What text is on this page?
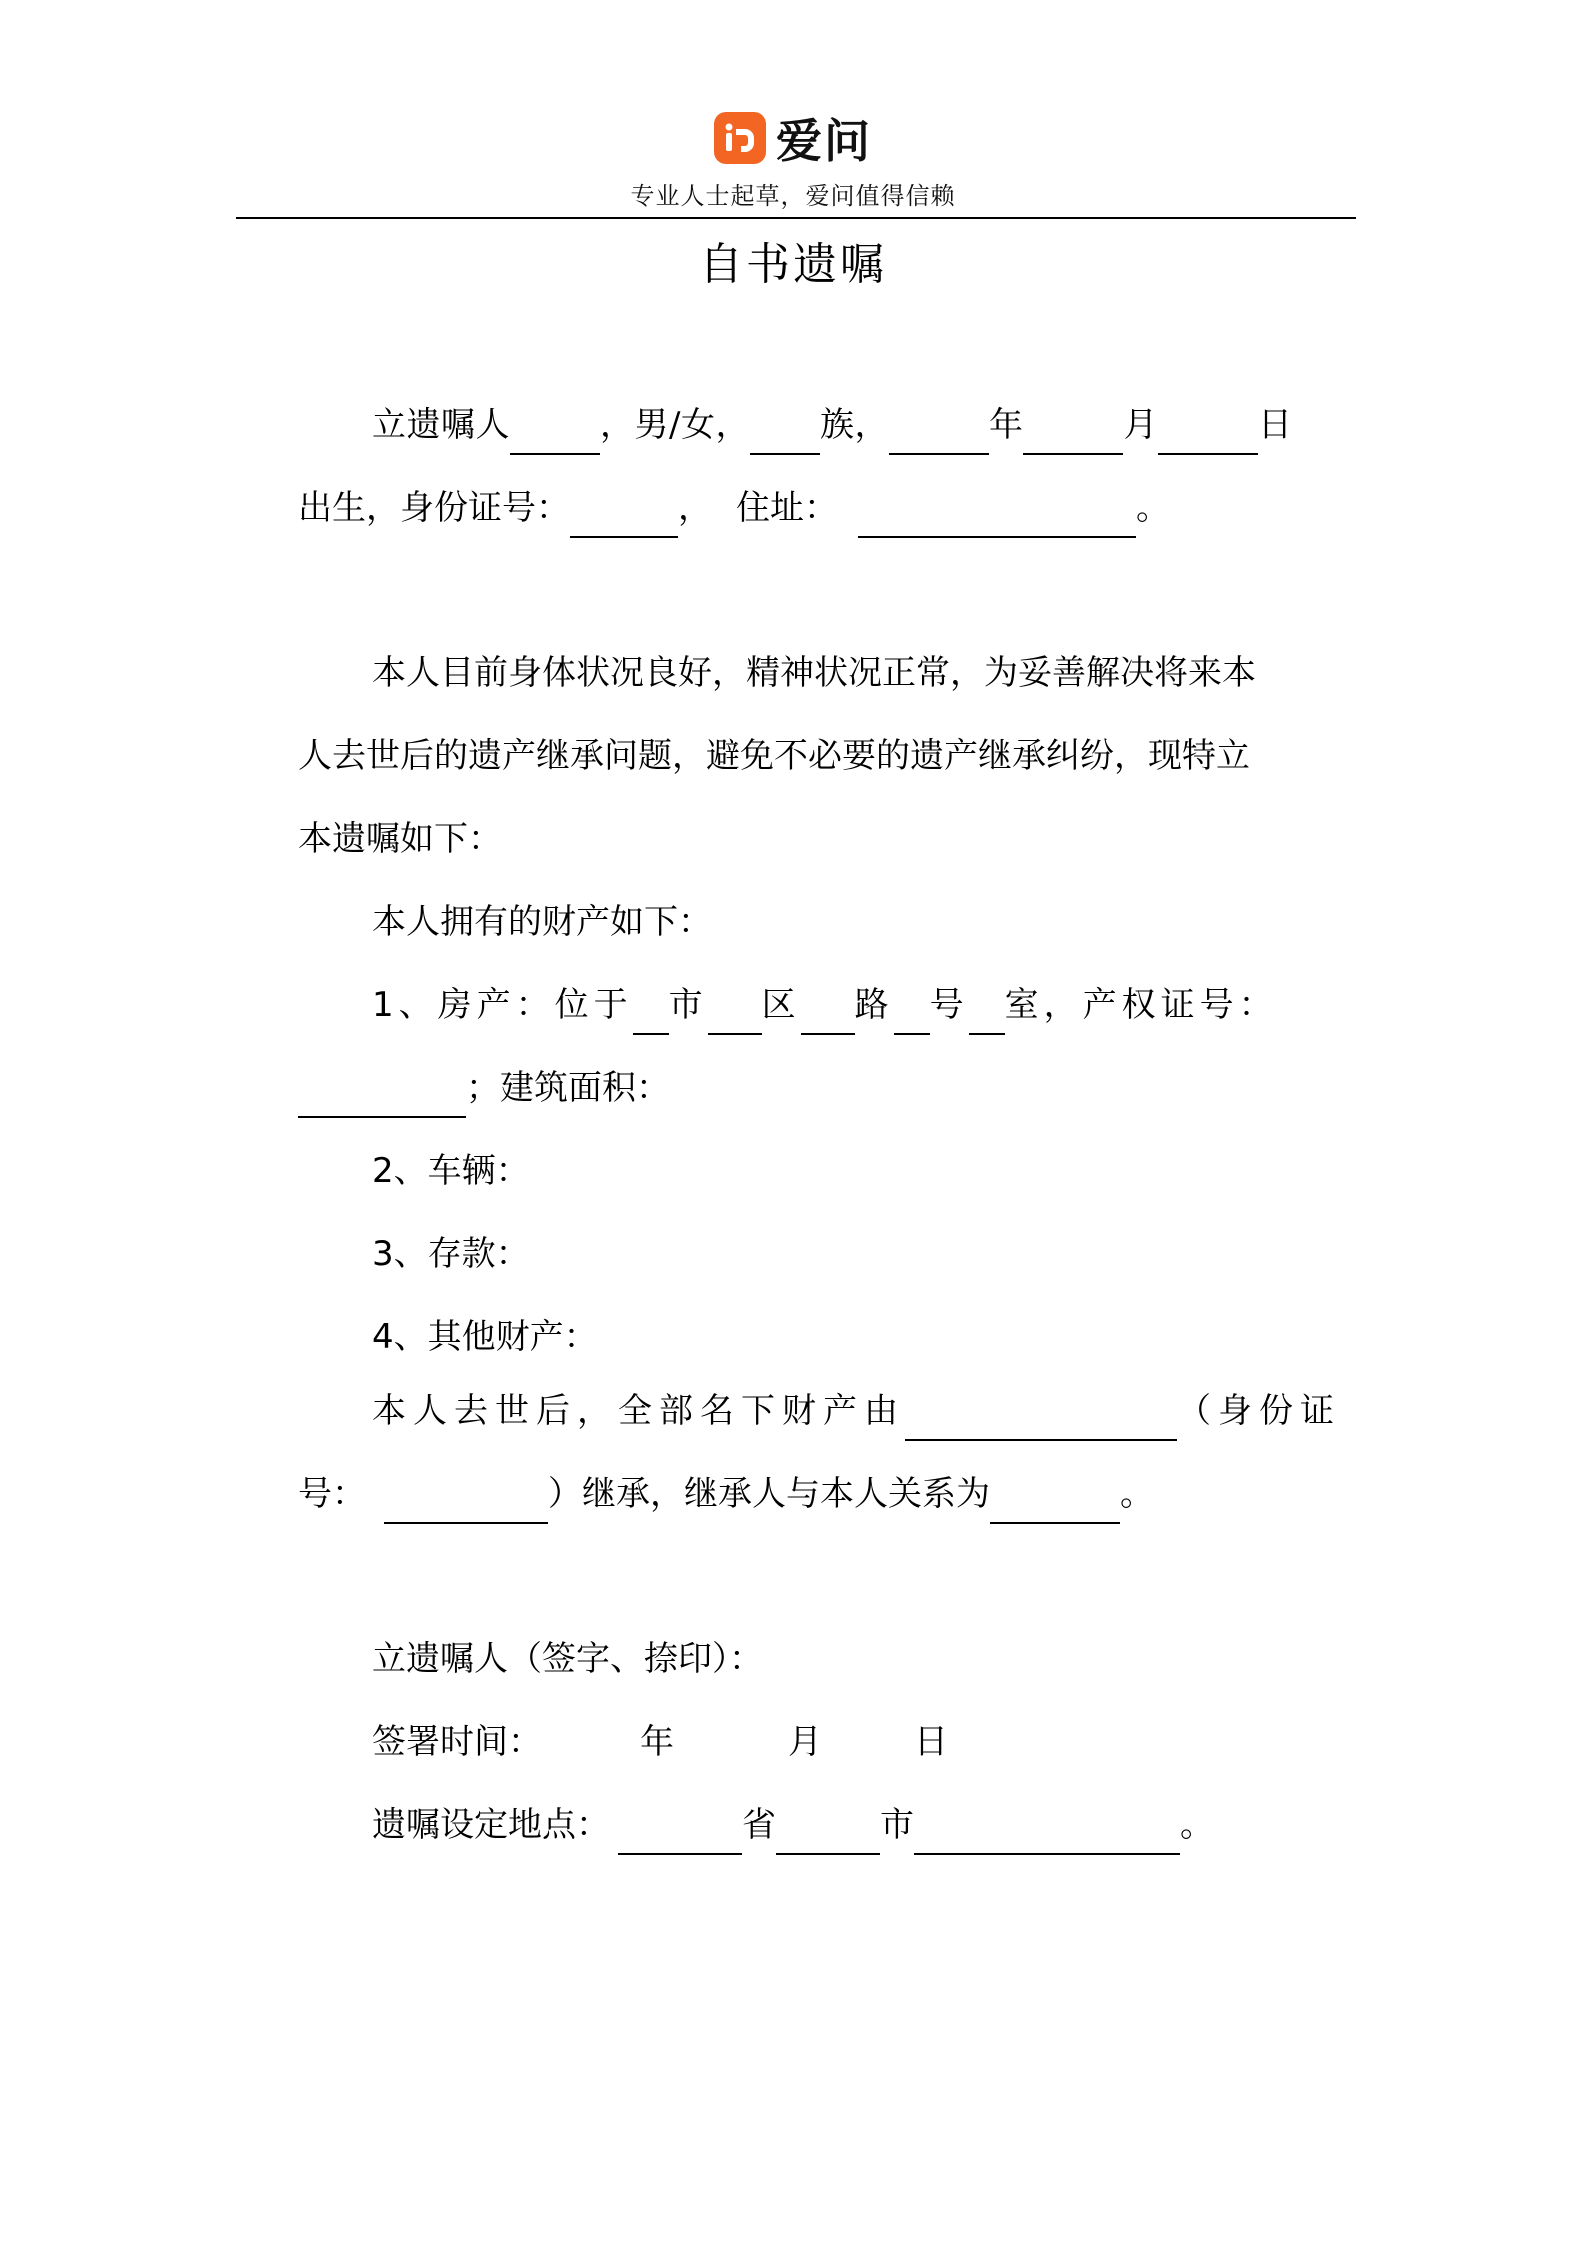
爱问
专业人士起草，爱问值得信赖
自书遗嘱
立遗嘱人	，男/女， 族，	年	月	日
出生，身份证号：	， 住址：	。
本人目前身体状况良好，精神状况正常，为妥善解决将来本
人去世后的遗产继承问题，避免不必要的遗产继承纠纷，现特立
本遗嘱如下：
本人拥有的财产如下：
1、房产：位于 市 区 路 号 室，产权证号：
；建筑面积：
2、车辆：
3、存款：
4、其他财产：
本人去世后，全部名下财产由	（身份证
号：	）继承，继承人与本人关系为	。
立遗嘱人（签字、捺印）：
签署时间：	年	月	日
遗嘱设定地点：	省	市	。
